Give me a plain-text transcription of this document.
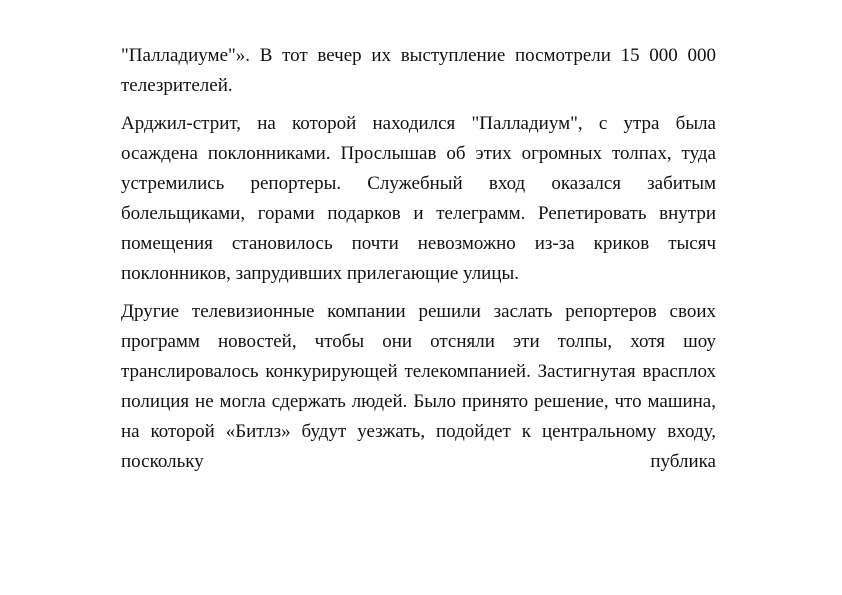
"Палладиуме"». В тот вечер их выступление посмотрели 15 000 000 телезрителей.

Арджил-стрит, на которой находился "Палладиум", с утра была осаждена поклонниками. Прослышав об этих огромных толпах, туда устремились репортеры. Служебный вход оказался забитым болельщиками, горами подарков и телеграмм. Репетировать внутри помещения становилось почти невозможно из-за криков тысяч поклонников, запрудивших прилегающие улицы.

Другие телевизионные компании решили заслать репортеров своих программ новостей, чтобы они отсняли эти толпы, хотя шоу транслировалось конкурирующей телекомпанией. Застигнутая врасплох полиция не могла сдержать людей. Было принято решение, что машина, на которой «Битлз» будут уезжать, подойдет к центральному входу, поскольку публика
